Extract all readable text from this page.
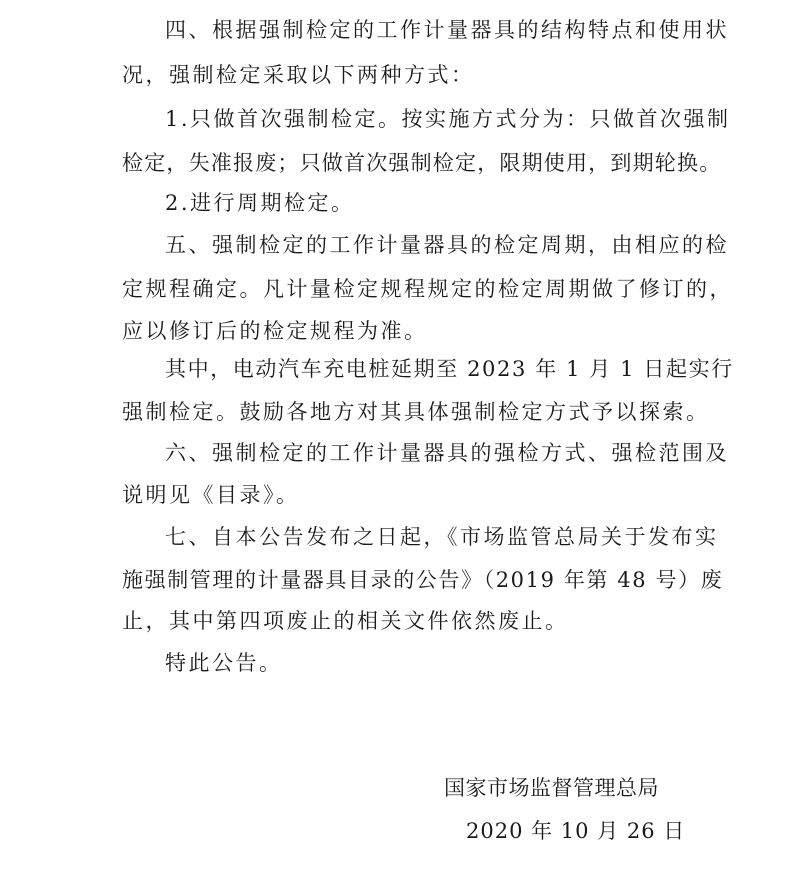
四、根据强制检定的工作计量器具的结构特点和使用状
况，强制检定采取以下两种方式：
1.只做首次强制检定。按实施方式分为：只做首次强制
检定，失准报废；只做首次强制检定，限期使用，到期轮换。
2.进行周期检定。
五、强制检定的工作计量器具的检定周期，由相应的检
定规程确定。凡计量检定规程规定的检定周期做了修订的，
应以修订后的检定规程为准。
其中，电动汽车充电桩延期至 2023 年 1 月 1 日起实行
强制检定。鼓励各地方对其具体强制检定方式予以探索。
六、强制检定的工作计量器具的强检方式、强检范围及
说明见《目录》。
七、自本公告发布之日起，《市场监管总局关于发布实
施强制管理的计量器具目录的公告》（2019 年第 48 号）废
止，其中第四项废止的相关文件依然废止。
特此公告。
国家市场监督管理总局
2020 年 10 月 26 日
